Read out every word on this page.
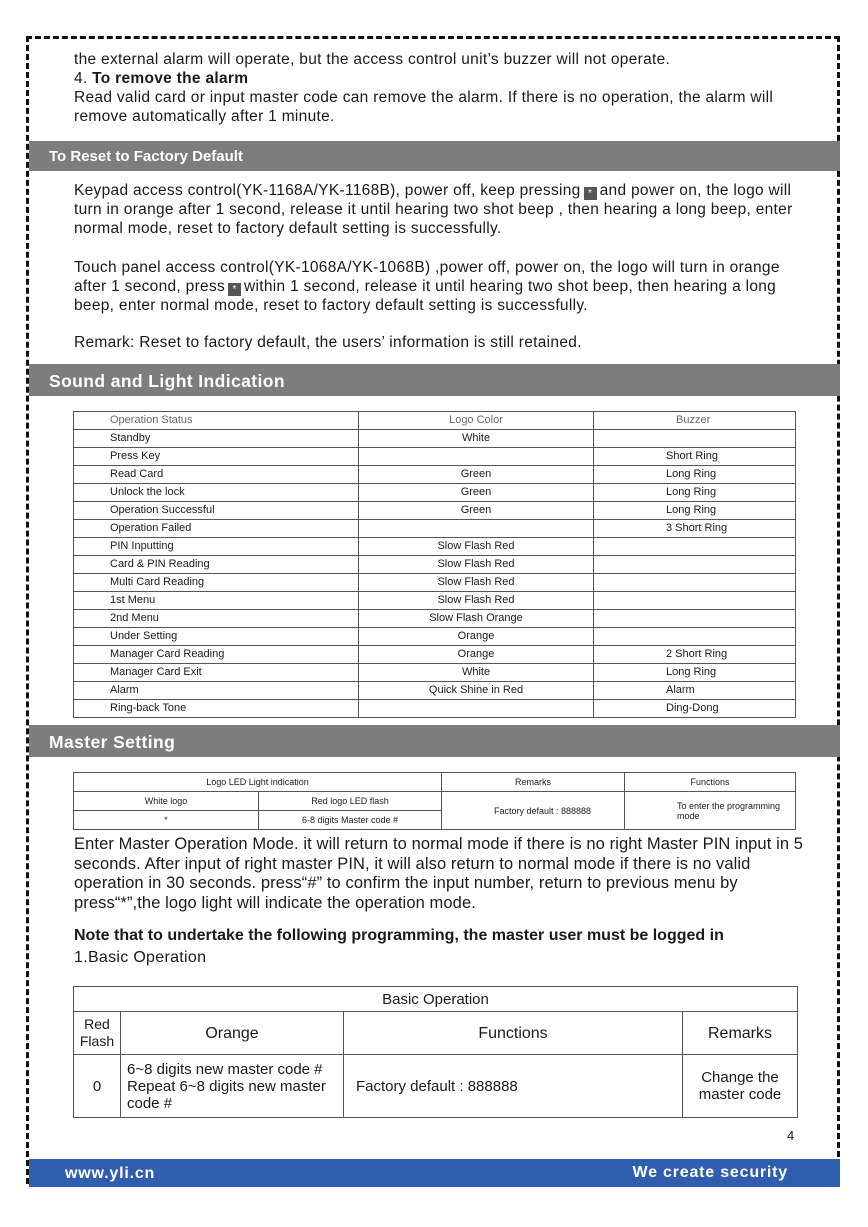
the external alarm will operate, but the access control unit’s buzzer will not operate.

4. To remove the alarm

Read valid card or input master code can remove the alarm. If there is no operation, the alarm will remove automatically after 1 minute.

To Reset to Factory Default

Keypad access control(YK-1168A/YK-1168B), power off, keep pressing * and power on, the logo will turn in orange after 1 second, release it until hearing two shot beep , then hearing a long beep, enter normal mode, reset to factory default setting is successfully.

Touch panel access control(YK-1068A/YK-1068B) ,power off, power on, the logo will turn in orange after 1 second, press * within 1 second, release it until hearing two shot beep, then hearing a long beep, enter normal mode, reset to factory default setting is successfully.

Remark: Reset to factory default, the users’ information is still retained.

Sound and Light Indication
Operation Status	Logo Color	Buzzer
Standby	White	
Press Key		Short Ring
Read Card	Green	Long Ring
Unlock the lock	Green	Long Ring
Operation Successful	Green	Long Ring
Operation Failed		3 Short Ring
PIN Inputting	Slow Flash Red	
Card & PIN Reading	Slow Flash Red	
Multi Card Reading	Slow Flash Red	
1st Menu	Slow Flash Red	
2nd Menu	Slow Flash Orange	
Under Setting	Orange	
Manager Card Reading	Orange	2 Short Ring
Manager Card Exit	White	Long Ring
Alarm	Quick Shine in Red	Alarm
Ring-back Tone		Ding-Dong
Master Setting
Logo LED Light indication		Remarks	Functions
White logo	Red logo LED flash	Factory default : 888888	To enter the programming mode
*	6-8 digits Master code #		

Enter Master Operation Mode. it will return to normal mode if there is no right Master PIN input in 5 seconds. After input of right master PIN, it will also return to normal mode if there is no valid operation in 30 seconds. press“#” to confirm the input number, return to previous menu by press“*”,the logo light will indicate the operation mode.

Note that to undertake the following programming, the master user must be logged in

1.Basic Operation

Basic Operation			
Red Flash	Orange	Functions	Remarks
0	6~8 digits new master code # Repeat 6~8 digits new master code #	Factory default : 888888	Change the master code
4
www.yli.cn	We create security
